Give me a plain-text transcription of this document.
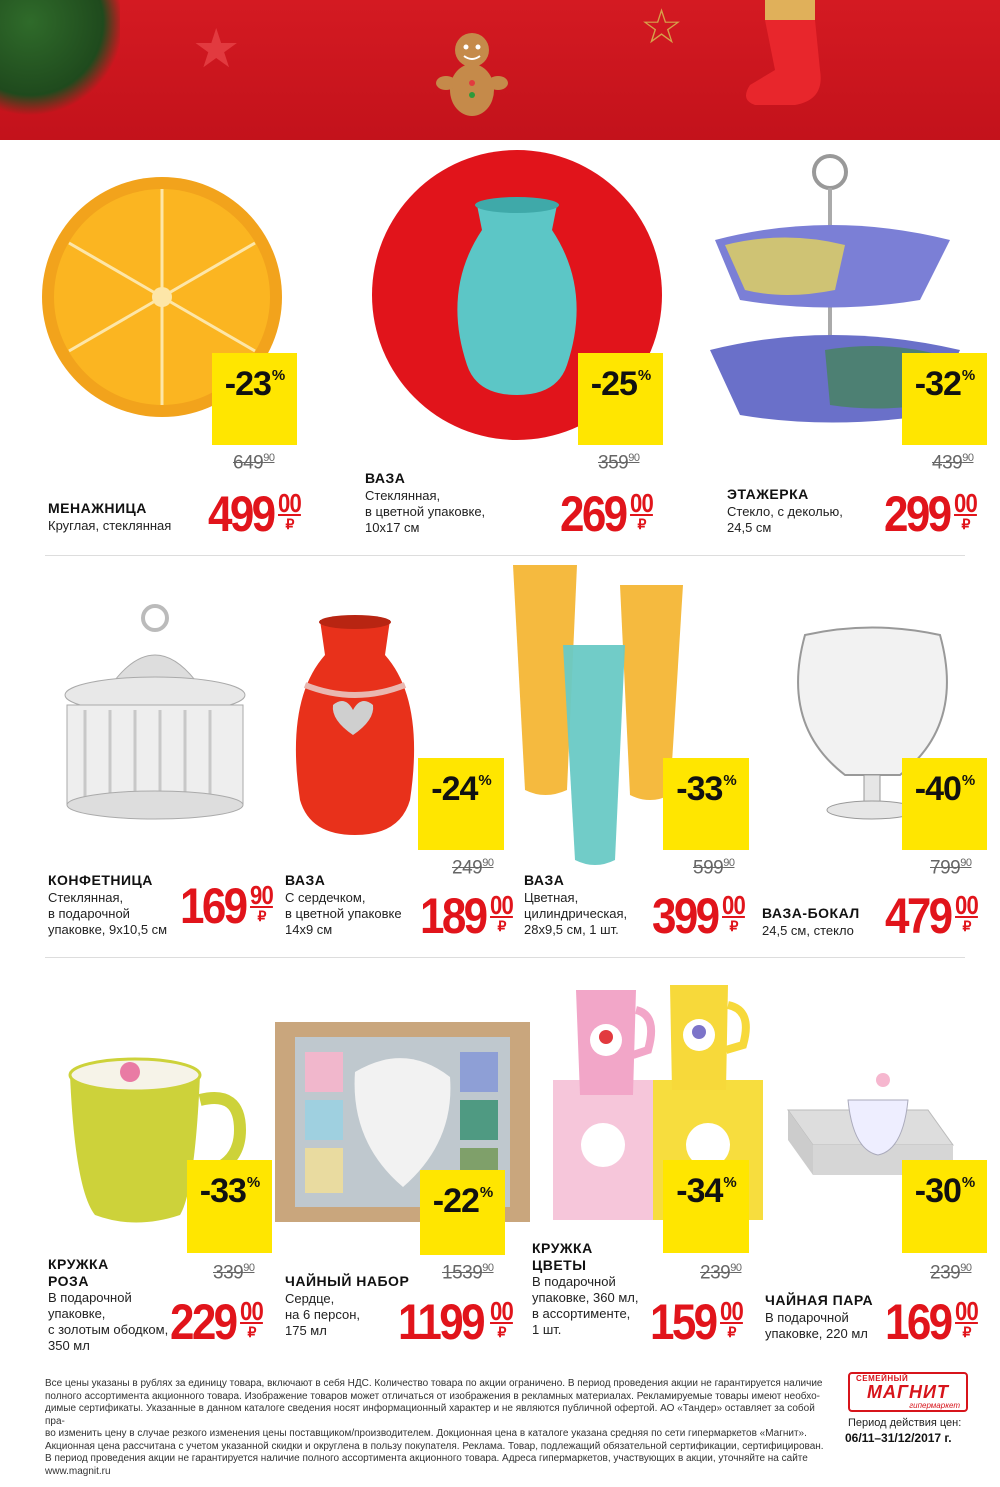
★	☆
-23%	-25%	-32%
-24%	-33%	-40%
-33%	-22%	-34%	-30%
МЕНАЖНИЦА
Круглая, стеклянная
$649^{90}$
499 00
₽
ВАЗА
Стеклянная,
в цветной упаковке,
10х17 см
$359^{90}$
269 00
₽
ЭТАЖЕРКА
Стекло, с деколью,
24,5 см
$439^{90}$
299 00
₽
КОНФЕТНИЦА
Стеклянная,
в подарочной
упаковке, 9х10,5 см 169 90
₽
ВАЗА
С сердечком,
в цветной упаковке
14х9 см
$249^{90}$
189 00
₽
ВАЗА
Цветная,
цилиндрическая,
28х9,5 см, 1 шт.
$599^{90}$
399 00
₽
ВАЗА-БОКАЛ
24,5 см, стекло
$799^{90}$
479 00
₽
КРУЖКА
РОЗА
В подарочной
упаковке,
с золотым ободком,
350 мл
$339^{90}$
229 00
₽
ЧАЙНЫЙ НАБОР
Сердце,
на 6 персон,
175 мл
1539$^{90}$
1199 00
₽
КРУЖКА
ЦВЕТЫ
В подарочной
упаковке, 360 мл,
в ассортименте,
1 шт.
$239^{90}$
159 00
₽
ЧАЙНАЯ ПАРА
В подарочной
упаковке, 220 мл
$239^{90}$
169 00
₽
Все цены указаны в рублях за единицу товара, включают в себя НДС. Количество товара по акции ограничено. В период проведения акции не гарантируется наличие
полного ассортимента акционного товара. Изображение товаров может отличаться от изображения в рекламных материалах. Рекламируемые товары имеют необхо-
димые сертификаты. Указанные в данном каталоге сведения носят информационный характер и не являются публичной офертой. АО «Тандер» оставляет за собой пра-
во изменить цену в случае резкого изменения цены поставщиком/производителем. Докционная цена в каталоге указана средняя по сети гипермаркетов «Магнит».
Акционная цена рассчитана с учетом указанной скидки и округлена в пользу покупателя. Реклама. Товар, подлежащий обязательной сертификации, сертифицирован.
В период проведения акции не гарантируется наличие полного ассортимента акционного товара. Адреса гипермаркетов, участвующих в акции, уточняйте на сайте www.magnit.ru
СЕМЕЙНЫЙ
МАГНИТ
гипермаркет
Период действия цен:
06/11–31/12/2017 г.
